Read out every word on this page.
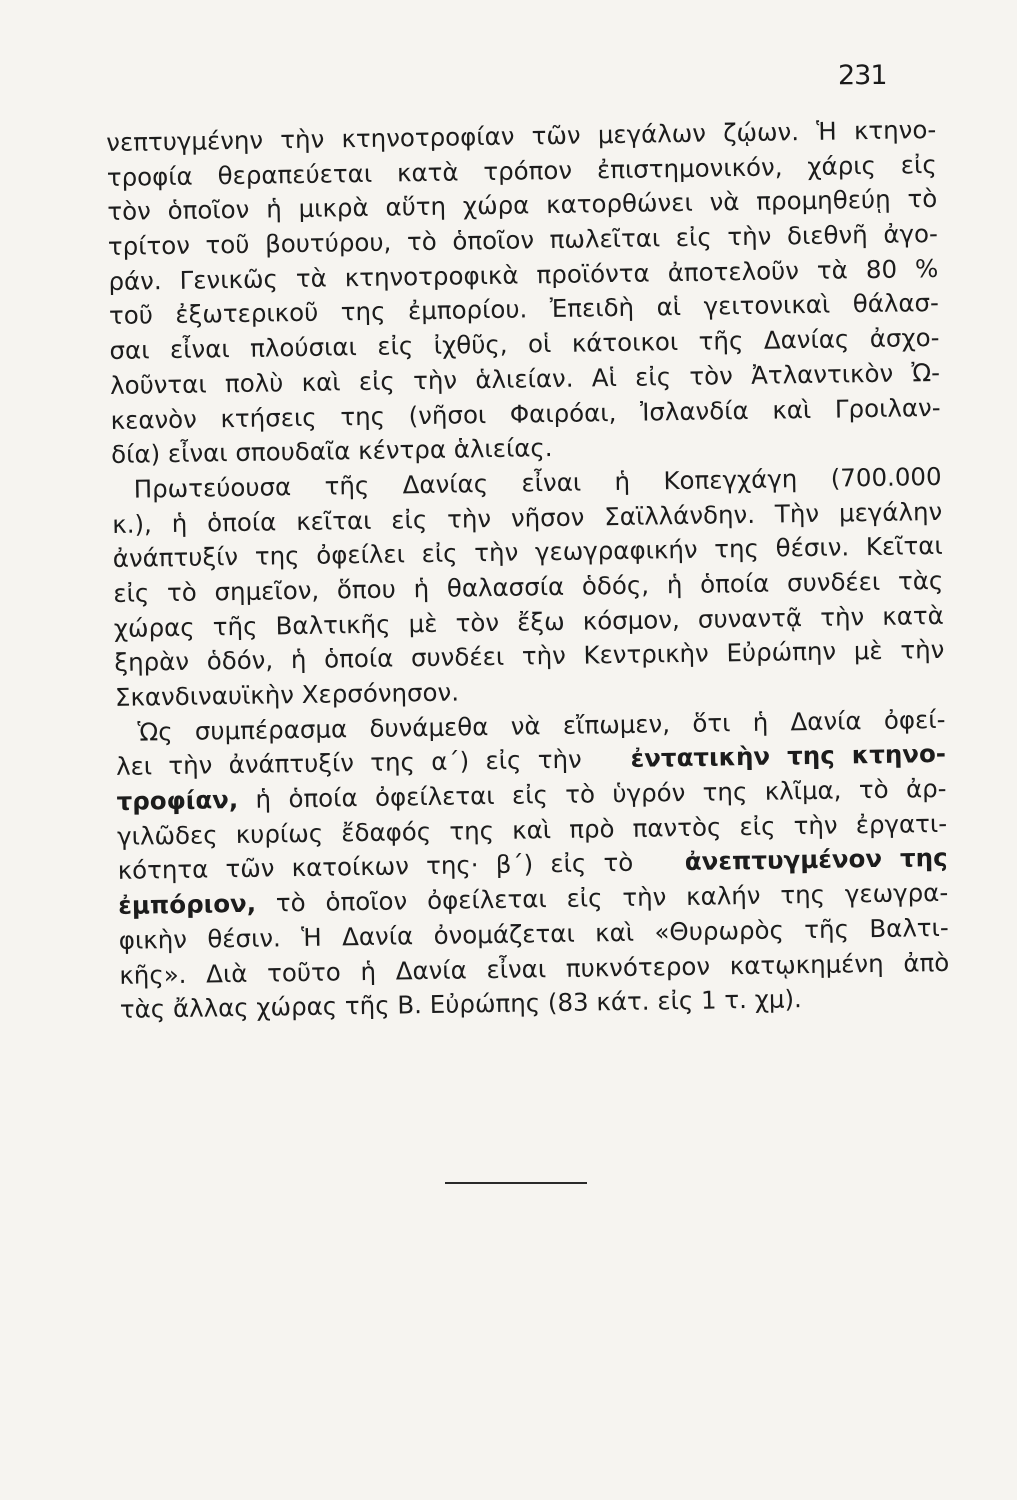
231
νεπτυγμένην τὴν κτηνοτροφίαν τῶν μεγάλων ζῴων. Ἡ κτηνο-
τροφία θεραπεύεται κατὰ τρόπον ἐπιστημονικόν, χάρις εἰς
τὸν ὁποῖον ἡ μικρὰ αὕτη χώρα κατορθώνει νὰ προμηθεύῃ τὸ
τρίτον τοῦ βουτύρου, τὸ ὁποῖον πωλεῖται εἰς τὴν διεθνῆ ἀγο-
ράν. Γενικῶς τὰ κτηνοτροφικὰ προϊόντα ἀποτελοῦν τὰ 80 %
τοῦ ἐξωτερικοῦ της ἐμπορίου. Ἐπειδὴ αἱ γειτονικαὶ θάλασ-
σαι εἶναι πλούσιαι εἰς ἰχθῦς, οἱ κάτοικοι τῆς Δανίας ἀσχο-
λοῦνται πολὺ καὶ εἰς τὴν ἁλιείαν. Αἱ εἰς τὸν Ἀτλαντικὸν Ὠ-
κεανὸν κτήσεις της (νῆσοι Φαιρόαι, Ἰσλανδία καὶ Γροιλαν-
δία) εἶναι σπουδαῖα κέντρα ἁλιείας.
Πρωτεύουσα τῆς Δανίας εἶναι ἡ Κοπεγχάγη (700.000
κ.), ἡ ὁποία κεῖται εἰς τὴν νῆσον Σαϊλλάνδην. Τὴν μεγάλην
ἀνάπτυξίν της ὀφείλει εἰς τὴν γεωγραφικήν της θέσιν. Κεῖται
εἰς τὸ σημεῖον, ὅπου ἡ θαλασσία ὁδός, ἡ ὁποία συνδέει τὰς
χώρας τῆς Βαλτικῆς μὲ τὸν ἔξω κόσμον, συναντᾷ τὴν κατὰ
ξηρὰν ὁδόν, ἡ ὁποία συνδέει τὴν Κεντρικὴν Εὐρώπην μὲ τὴν
Σκανδιναυϊκὴν Χερσόνησον.
Ὡς συμπέρασμα δυνάμεθα νὰ εἴπωμεν, ὅτι ἡ Δανία ὀφεί-
λει τὴν ἀνάπτυξίν της α΄) εἰς τὴν ἐντατικὴν της κτηνο-
τροφίαν, ἡ ὁποία ὀφείλεται εἰς τὸ ὑγρόν της κλῖμα, τὸ ἀρ-
γιλῶδες κυρίως ἔδαφός της καὶ πρὸ παντὸς εἰς τὴν ἐργατι-
κότητα τῶν κατοίκων της· β΄) εἰς τὸ ἀνεπτυγμένον της
ἐμπόριον, τὸ ὁποῖον ὀφείλεται εἰς τὴν καλήν της γεωγρα-
φικὴν θέσιν. Ἡ Δανία ὀνομάζεται καὶ «Θυρωρὸς τῆς Βαλτι-
κῆς». Διὰ τοῦτο ἡ Δανία εἶναι πυκνότερον κατῳκημένη ἀπὸ
τὰς ἄλλας χώρας τῆς Β. Εὐρώπης (83 κάτ. εἰς 1 τ. χμ).
